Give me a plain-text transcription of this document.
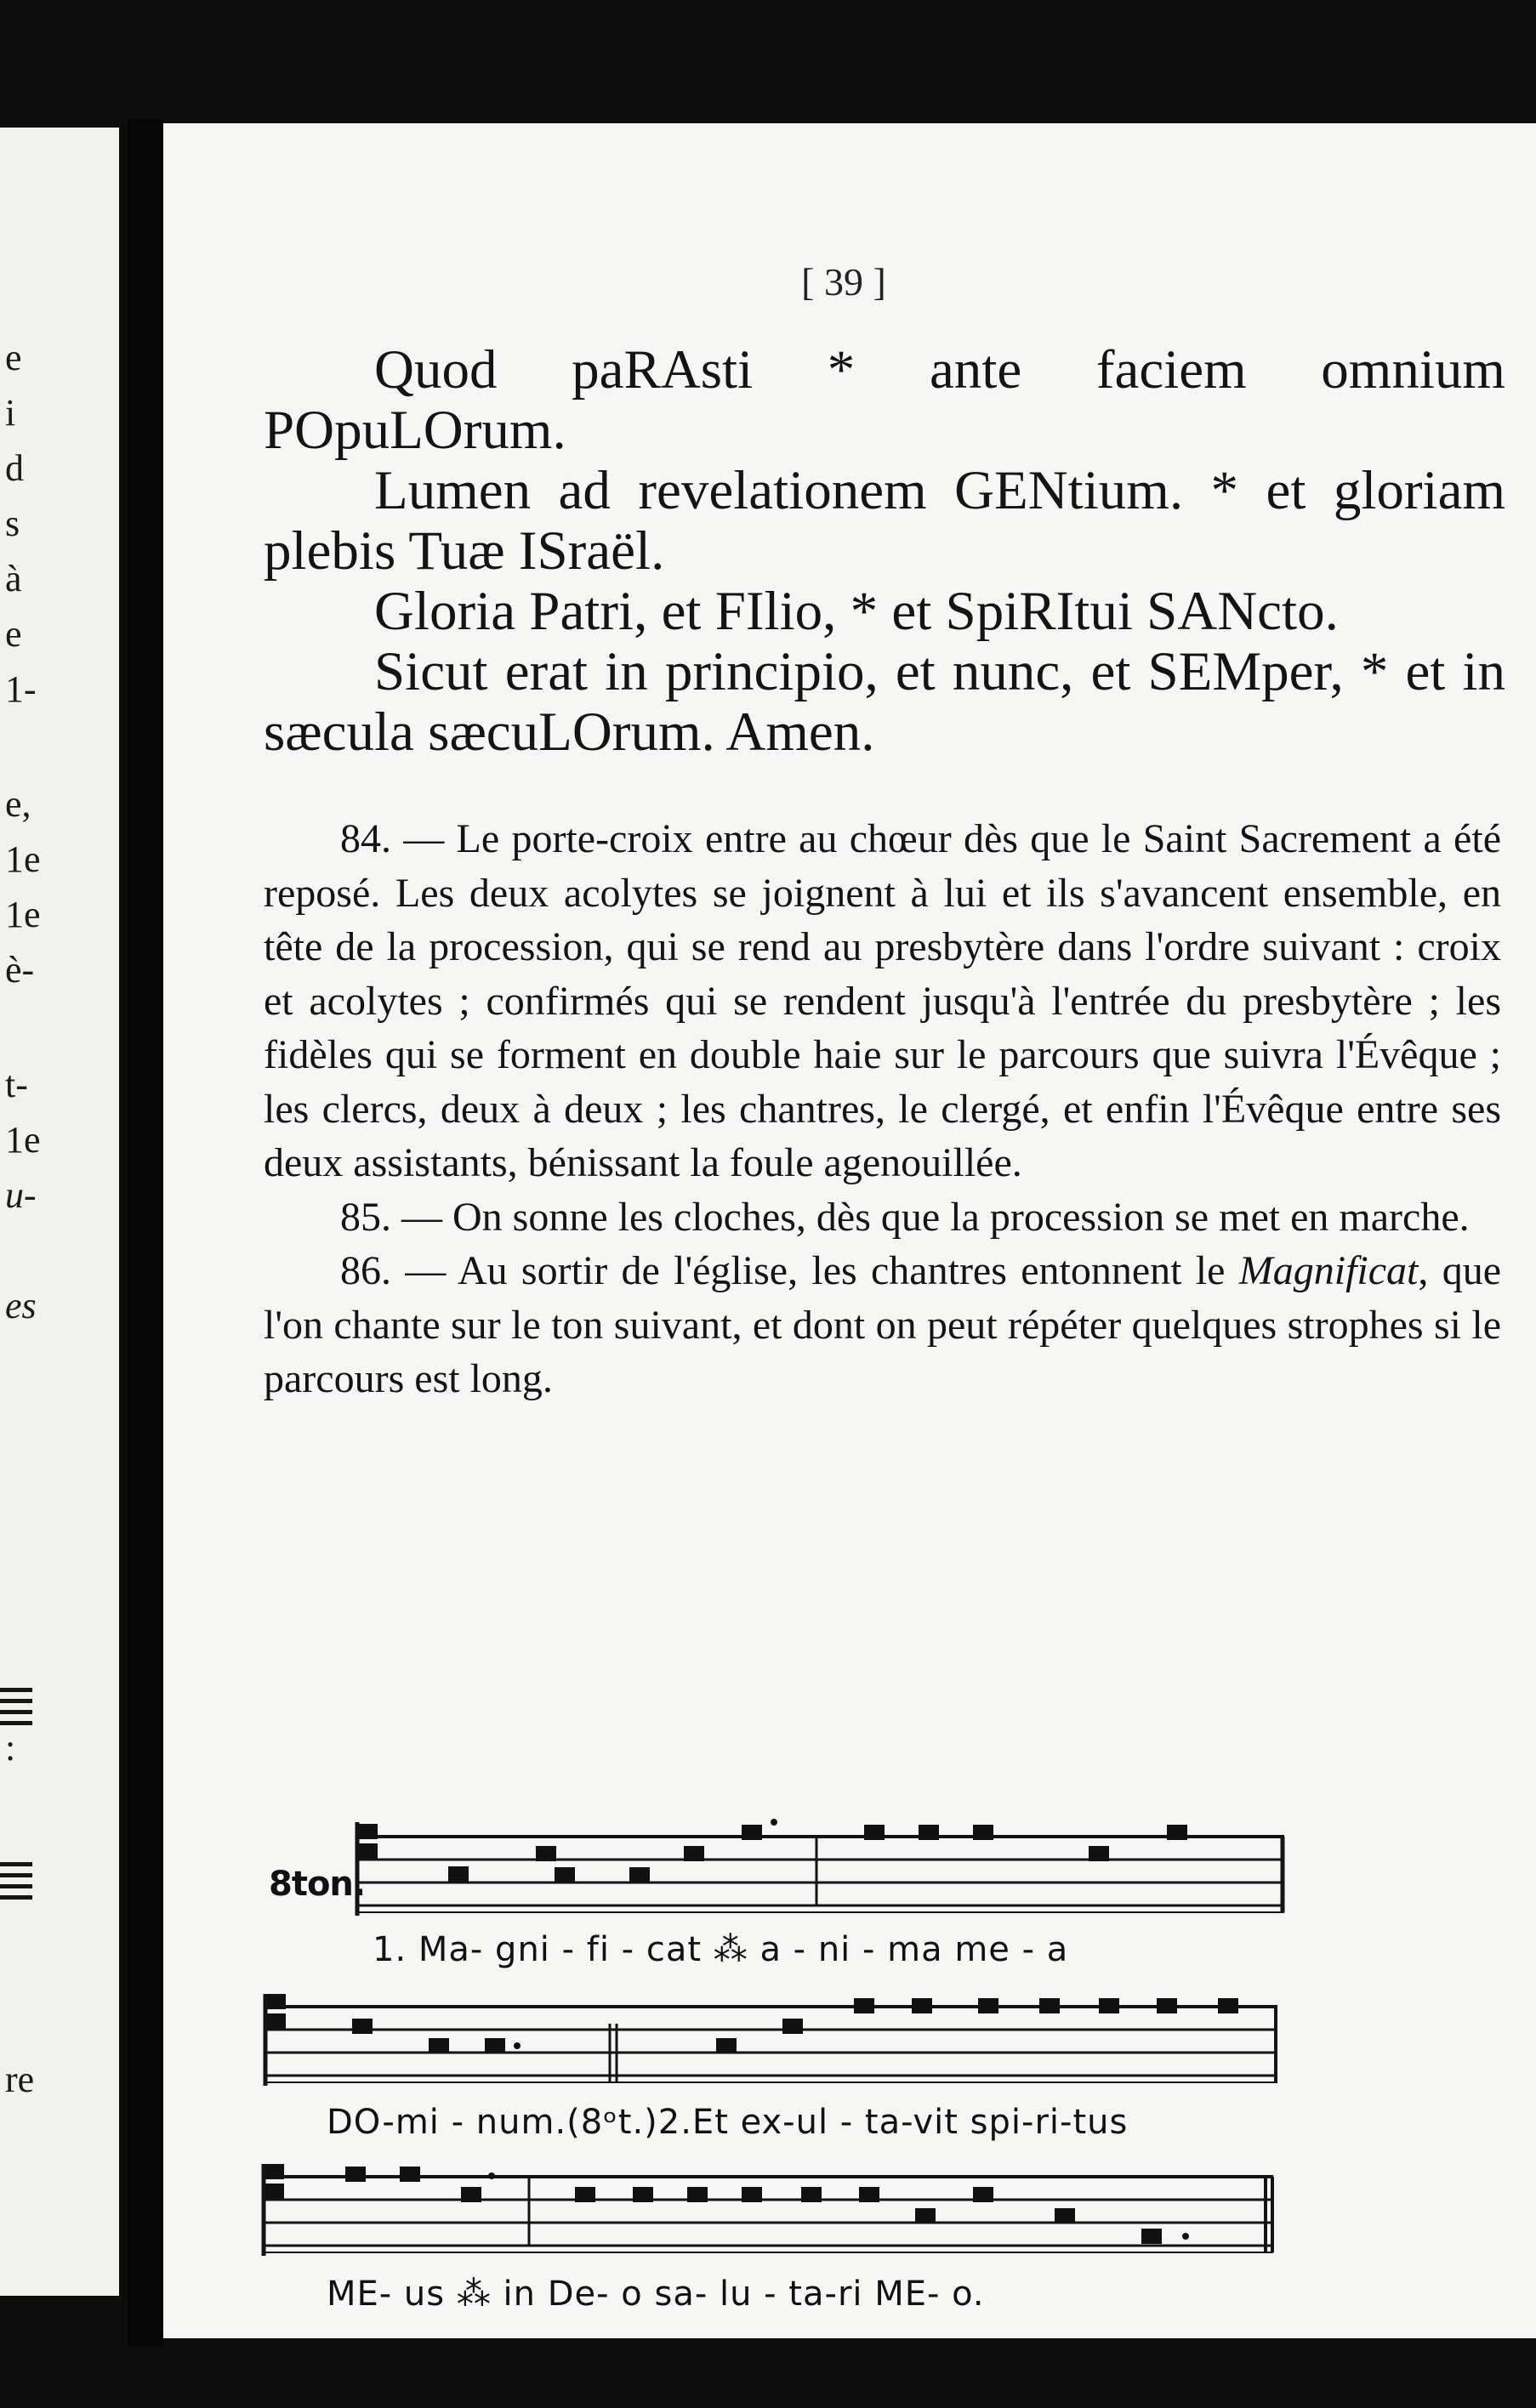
e
i
d
s
à
e
1-
e,
1e
1e
è-
t-
1e
u-
es
:
re
[ 39 ]

Quod paRAsti * ante faciem omnium POpuLOrum.

Lumen ad revelationem GENtium. * et gloriam plebis Tuæ ISraël.

Gloria Patri, et FIlio, * et SpiRItui SANcto.

Sicut erat in principio, et nunc, et SEMper, * et in sæcula sæcuLOrum. Amen.

84. — Le porte-croix entre au chœur dès que le Saint Sacrement a été reposé. Les deux acolytes se joignent à lui et ils s'avancent ensemble, en tête de la procession, qui se rend au presbytère dans l'ordre suivant : croix et acolytes ; confirmés qui se rendent jusqu'à l'entrée du presbytère ; les fidèles qui se forment en double haie sur le parcours que suivra l'Évêque ; les clercs, deux à deux ; les chantres, le clergé, et enfin l'Évêque entre ses deux assistants, bénissant la foule agenouillée.

85. — On sonne les cloches, dès que la procession se met en marche.

86. — Au sortir de l'église, les chantres entonnent le Magnificat, que l'on chante sur le ton suivant, et dont on peut répéter quelques strophes si le parcours est long.

8ton.
1. Ma- gni - fi - cat ⁂ a - ni - ma me - a
DO-mi - num.(8ᵒt.)2.Et ex-ul - ta-vit spi-ri-tus
ME- us ⁂ in De- o sa- lu - ta-ri ME- o.
